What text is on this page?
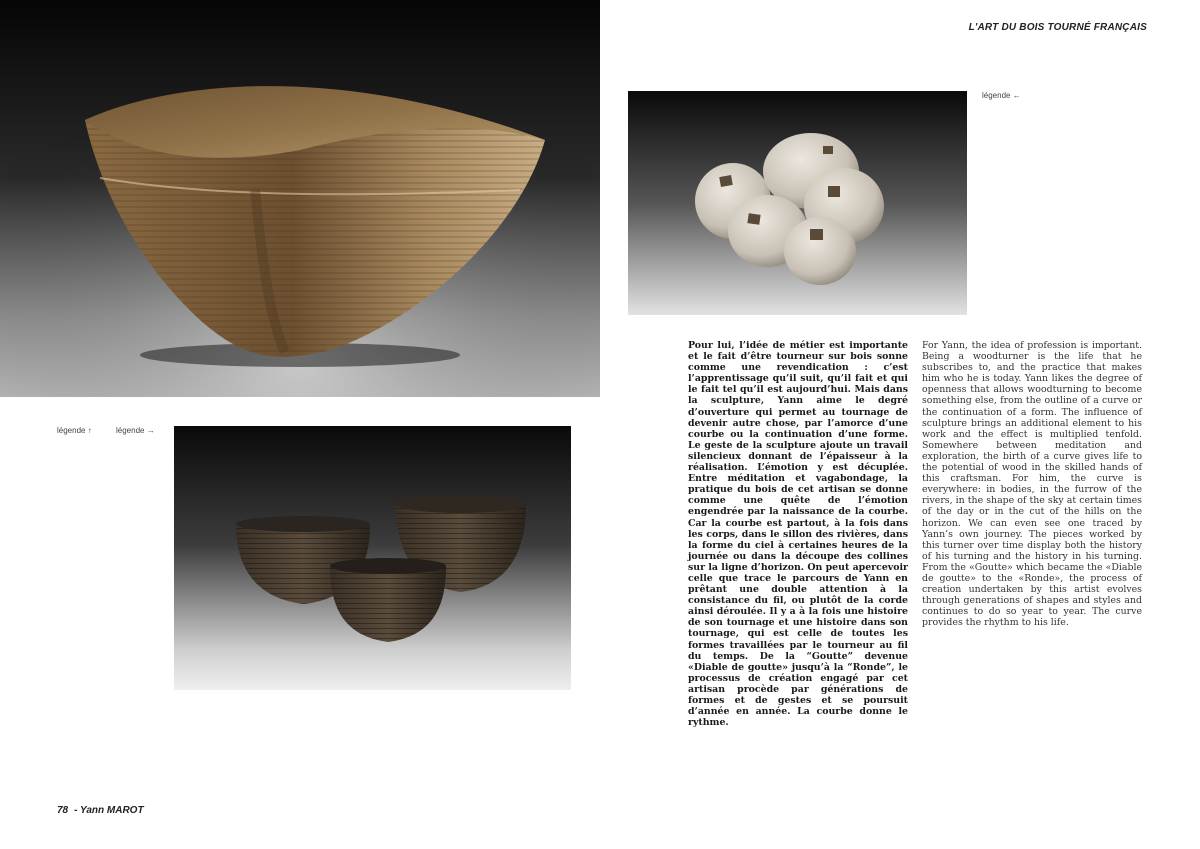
L'ART DU BOIS TOURNÉ FRANÇAIS
légende ←
légende ↑	légende →
Pour lui, l’idée de métier est importante et le fait d’être tourneur sur bois sonne comme une revendication : c’est l’apprentissage qu’il suit, qu’il fait et qui le fait tel qu’il est aujourd’hui. Mais dans la sculpture, Yann aime le degré d’ouverture qui permet au tournage de devenir autre chose, par l’amorce d’une courbe ou la continuation d’une forme. Le geste de la sculpture ajoute un travail silencieux donnant de l’épaisseur à la réalisation. L’émotion y est décuplée. Entre méditation et vagabondage, la pratique du bois de cet artisan se donne comme une quête de l’émotion engendrée par la naissance de la courbe. Car la courbe est partout, à la fois dans les corps, dans le sillon des rivières, dans la forme du ciel à certaines heures de la journée ou dans la découpe des collines sur la ligne d’horizon. On peut apercevoir celle que trace le parcours de Yann en prêtant une double attention à la consistance du fil, ou plutôt de la corde ainsi déroulée. Il y a à la fois une histoire de son tournage et une histoire dans son tournage, qui est celle de toutes les formes travaillées par le tourneur au fil du temps. De la “Goutte” devenue «Diable de goutte» jusqu’à la “Ronde”, le processus de création engagé par cet artisan procède par générations de formes et de gestes et se poursuit d’année en année. La courbe donne le rythme.
For Yann, the idea of profession is important. Being a woodturner is the life that he subscribes to, and the practice that makes him who he is today. Yann likes the degree of openness that allows woodturning to become something else, from the outline of a curve or the continuation of a form. The influence of sculpture brings an additional element to his work and the effect is multiplied tenfold. Somewhere between meditation and exploration, the birth of a curve gives life to the potential of wood in the skilled hands of this craftsman. For him, the curve is everywhere: in bodies, in the furrow of the rivers, in the shape of the sky at certain times of the day or in the cut of the hills on the horizon. We can even see one traced by Yann’s own journey. The pieces worked by this turner over time display both the history of his turning and the history in his turning. From the «Goutte» which became the «Diable de goutte» to the «Ronde», the process of creation undertaken by this artist evolves through generations of shapes and styles and continues to do so year to year. The curve provides the rhythm to his life.
78 - Yann MAROT
